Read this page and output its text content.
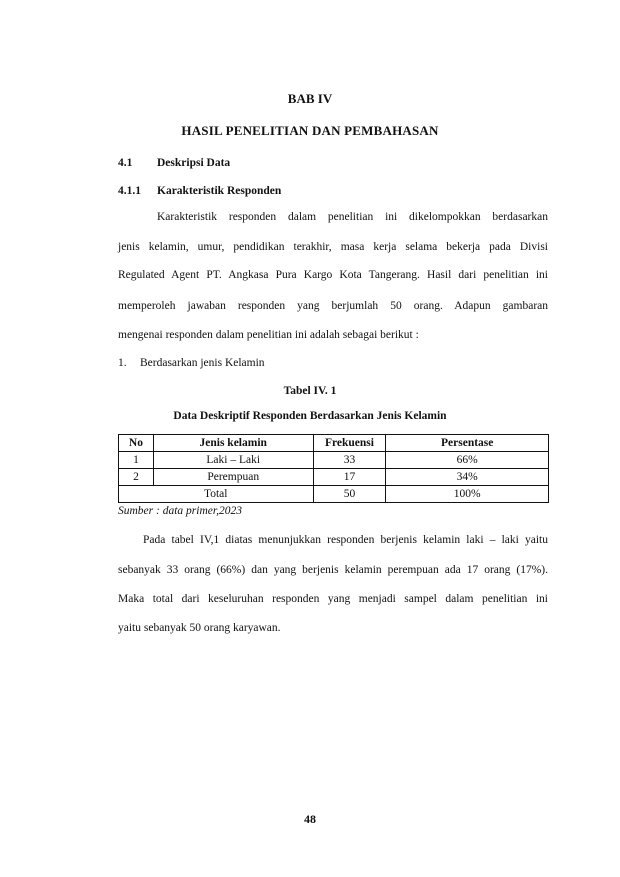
BAB IV
HASIL PENELITIAN DAN PEMBAHASAN
4.1 Deskripsi Data
4.1.1 Karakteristik Responden
Karakteristik responden dalam penelitian ini dikelompokkan berdasarkan
jenis kelamin, umur, pendidikan terakhir, masa kerja selama bekerja pada Divisi
Regulated Agent PT. Angkasa Pura Kargo Kota Tangerang. Hasil dari penelitian ini
memperoleh jawaban responden yang berjumlah 50 orang. Adapun gambaran
mengenai responden dalam penelitian ini adalah sebagai berikut :
1. Berdasarkan jenis Kelamin
Tabel IV. 1
Data Deskriptif Responden Berdasarkan Jenis Kelamin
No	Jenis kelamin	Frekuensi	Persentase
1	Laki – Laki	33	66%
2	Perempuan	17	34%
Total		50	100%
Sumber : data primer,2023
Pada tabel IV,1 diatas menunjukkan responden berjenis kelamin laki – laki yaitu
sebanyak 33 orang (66%) dan yang berjenis kelamin perempuan ada 17 orang (17%).
Maka total dari keseluruhan responden yang menjadi sampel dalam penelitian ini
yaitu sebanyak 50 orang karyawan.
48
